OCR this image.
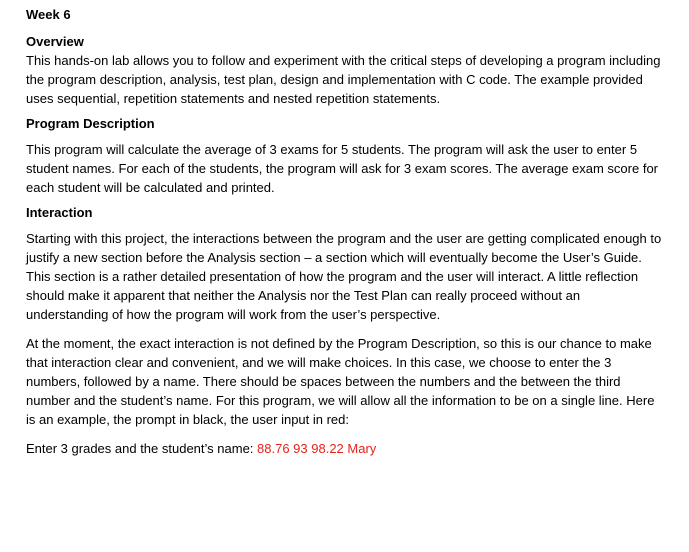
Week 6
Overview

This hands-on lab allows you to follow and experiment with the critical steps of developing a program including the program description, analysis, test plan, design and implementation with C code. The example provided uses sequential, repetition statements and nested repetition statements.

Program Description

This program will calculate the average of 3 exams for 5 students. The program will ask the user to enter 5 student names. For each of the students, the program will ask for 3 exam scores. The average exam score for each student will be calculated and printed.

Interaction

Starting with this project, the interactions between the program and the user are getting complicated enough to justify a new section before the Analysis section – a section which will eventually become the User’s Guide. This section is a rather detailed presentation of how the program and the user will interact. A little reflection should make it apparent that neither the Analysis nor the Test Plan can really proceed without an understanding of how the program will work from the user’s perspective.

At the moment, the exact interaction is not defined by the Program Description, so this is our chance to make that interaction clear and convenient, and we will make choices. In this case, we choose to enter the 3 numbers, followed by a name. There should be spaces between the numbers and the between the third number and the student’s name. For this program, we will allow all the information to be on a single line. Here is an example, the prompt in black, the user input in red:

Enter 3 grades and the student’s name: 88.76 93 98.22 Mary
